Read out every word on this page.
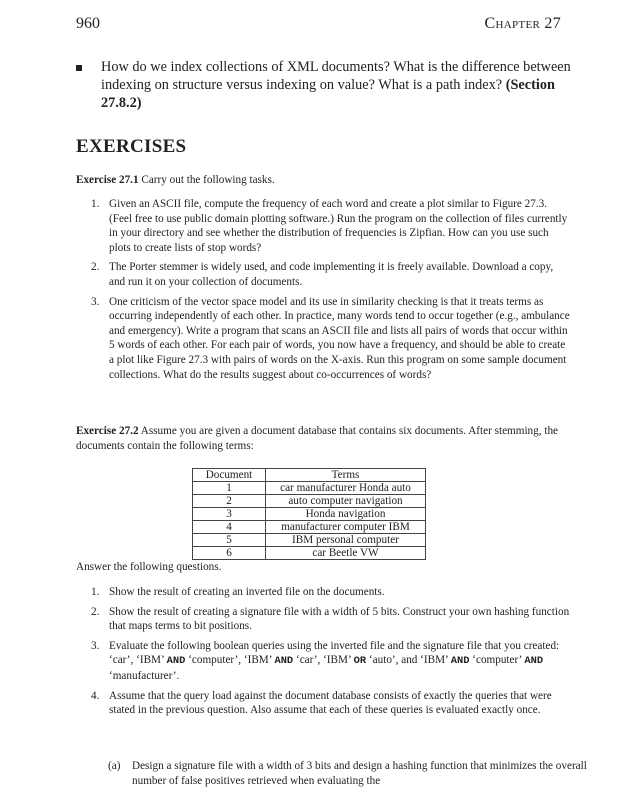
960	Chapter 27
How do we index collections of XML documents? What is the difference between indexing on structure versus indexing on value? What is a path index? (Section 27.8.2)
EXERCISES
Exercise 27.1 Carry out the following tasks.
1. Given an ASCII file, compute the frequency of each word and create a plot similar to Figure 27.3. (Feel free to use public domain plotting software.) Run the program on the collection of files currently in your directory and see whether the distribution of frequencies is Zipfian. How can you use such plots to create lists of stop words?
2. The Porter stemmer is widely used, and code implementing it is freely available. Download a copy, and run it on your collection of documents.
3. One criticism of the vector space model and its use in similarity checking is that it treats terms as occurring independently of each other. In practice, many words tend to occur together (e.g., ambulance and emergency). Write a program that scans an ASCII file and lists all pairs of words that occur within 5 words of each other. For each pair of words, you now have a frequency, and should be able to create a plot like Figure 27.3 with pairs of words on the X-axis. Run this program on some sample document collections. What do the results suggest about co-occurrences of words?
Exercise 27.2 Assume you are given a document database that contains six documents. After stemming, the documents contain the following terms:
Document	Terms
1	car manufacturer Honda auto
2	auto computer navigation
3	Honda navigation
4	manufacturer computer IBM
5	IBM personal computer
6	car Beetle VW
Answer the following questions.
1. Show the result of creating an inverted file on the documents.
2. Show the result of creating a signature file with a width of 5 bits. Construct your own hashing function that maps terms to bit positions.
3. Evaluate the following boolean queries using the inverted file and the signature file that you created: ‘car’, ‘IBM’ AND ‘computer’, ‘IBM’ AND ‘car’, ‘IBM’ OR ‘auto’, and ‘IBM’ AND ‘computer’ AND ‘manufacturer’.
4. Assume that the query load against the document database consists of exactly the queries that were stated in the previous question. Also assume that each of these queries is evaluated exactly once.
(a) Design a signature file with a width of 3 bits and design a hashing function that minimizes the overall number of false positives retrieved when evaluating the
